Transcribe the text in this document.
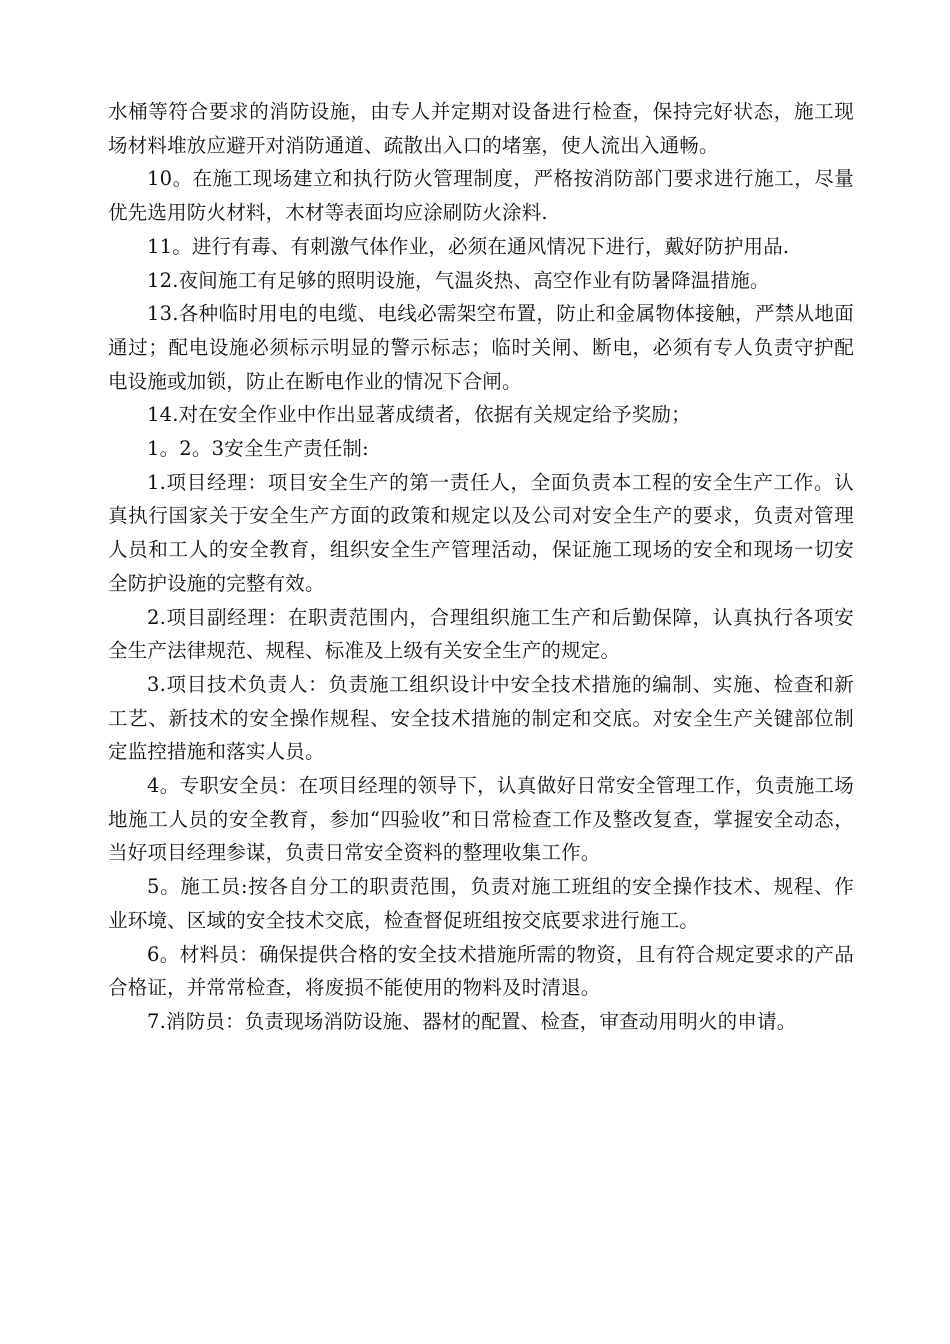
水桶等符合要求的消防设施，由专人并定期对设备进行检查，保持完好状态，施工现场材料堆放应避开对消防通道、疏散出入口的堵塞，使人流出入通畅。

10。在施工现场建立和执行防火管理制度，严格按消防部门要求进行施工，尽量优先选用防火材料，木材等表面均应涂刷防火涂料.

11。进行有毒、有刺激气体作业，必须在通风情况下进行，戴好防护用品.

12.夜间施工有足够的照明设施，气温炎热、高空作业有防暑降温措施。

13.各种临时用电的电缆、电线必需架空布置，防止和金属物体接触，严禁从地面通过；配电设施必须标示明显的警示标志；临时关闸、断电，必须有专人负责守护配电设施或加锁，防止在断电作业的情况下合闸。

14.对在安全作业中作出显著成绩者，依据有关规定给予奖励；

1。2。3安全生产责任制:

1.项目经理：项目安全生产的第一责任人，全面负责本工程的安全生产工作。认真执行国家关于安全生产方面的政策和规定以及公司对安全生产的要求，负责对管理人员和工人的安全教育，组织安全生产管理活动，保证施工现场的安全和现场一切安全防护设施的完整有效。

2.项目副经理：在职责范围内，合理组织施工生产和后勤保障，认真执行各项安全生产法律规范、规程、标准及上级有关安全生产的规定。

3.项目技术负责人：负责施工组织设计中安全技术措施的编制、实施、检查和新工艺、新技术的安全操作规程、安全技术措施的制定和交底。对安全生产关键部位制定监控措施和落实人员。

4。专职安全员：在项目经理的领导下，认真做好日常安全管理工作，负责施工场地施工人员的安全教育，参加“四验收”和日常检查工作及整改复查，掌握安全动态，当好项目经理参谋，负责日常安全资料的整理收集工作。

5。施工员:按各自分工的职责范围，负责对施工班组的安全操作技术、规程、作业环境、区域的安全技术交底，检查督促班组按交底要求进行施工。

6。材料员：确保提供合格的安全技术措施所需的物资，且有符合规定要求的产品合格证，并常常检查，将废损不能使用的物料及时清退。

7.消防员：负责现场消防设施、器材的配置、检查，审查动用明火的申请。
